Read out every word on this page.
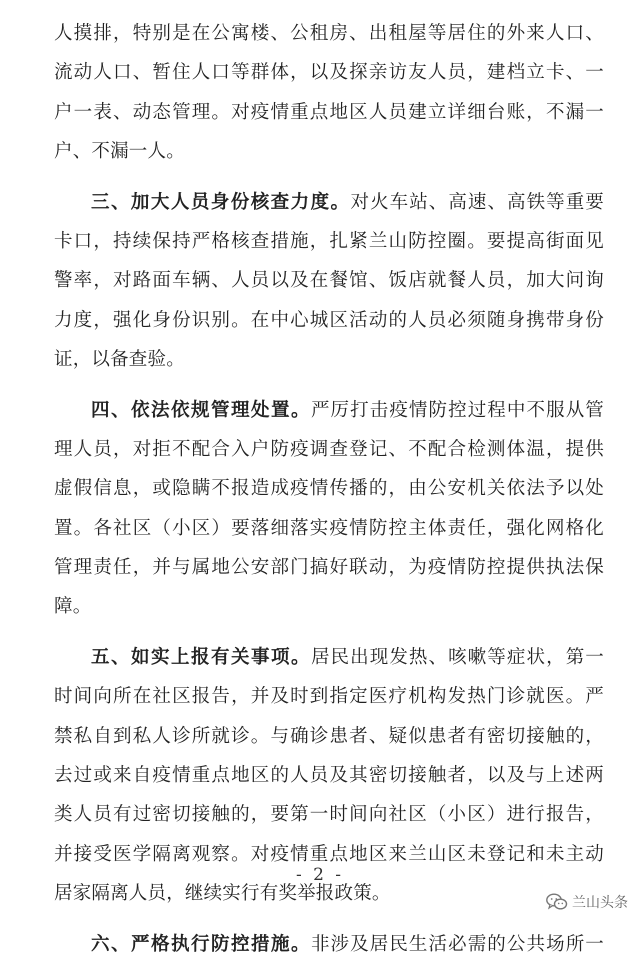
人摸排，特别是在公寓楼、公租房、出租屋等居住的外来人口、
流动人口、暂住人口等群体，以及探亲访友人员，建档立卡、一
户一表、动态管理。对疫情重点地区人员建立详细台账，不漏一
户、不漏一人。
三、加大人员身份核查力度。对火车站、高速、高铁等重要
卡口，持续保持严格核查措施，扎紧兰山防控圈。要提高街面见
警率，对路面车辆、人员以及在餐馆、饭店就餐人员，加大问询
力度，强化身份识别。在中心城区活动的人员必须随身携带身份
证，以备查验。
四、依法依规管理处置。严厉打击疫情防控过程中不服从管
理人员，对拒不配合入户防疫调查登记、不配合检测体温，提供
虚假信息，或隐瞒不报造成疫情传播的，由公安机关依法予以处
置。各社区（小区）要落细落实疫情防控主体责任，强化网格化
管理责任，并与属地公安部门搞好联动，为疫情防控提供执法保
障。
五、如实上报有关事项。居民出现发热、咳嗽等症状，第一
时间向所在社区报告，并及时到指定医疗机构发热门诊就医。严
禁私自到私人诊所就诊。与确诊患者、疑似患者有密切接触的，
去过或来自疫情重点地区的人员及其密切接触者，以及与上述两
类人员有过密切接触的，要第一时间向社区（小区）进行报告，
并接受医学隔离观察。对疫情重点地区来兰山区未登记和未主动
居家隔离人员，继续实行有奖举报政策。
六、严格执行防控措施。非涉及居民生活必需的公共场所一
- 2 -
兰山头条
